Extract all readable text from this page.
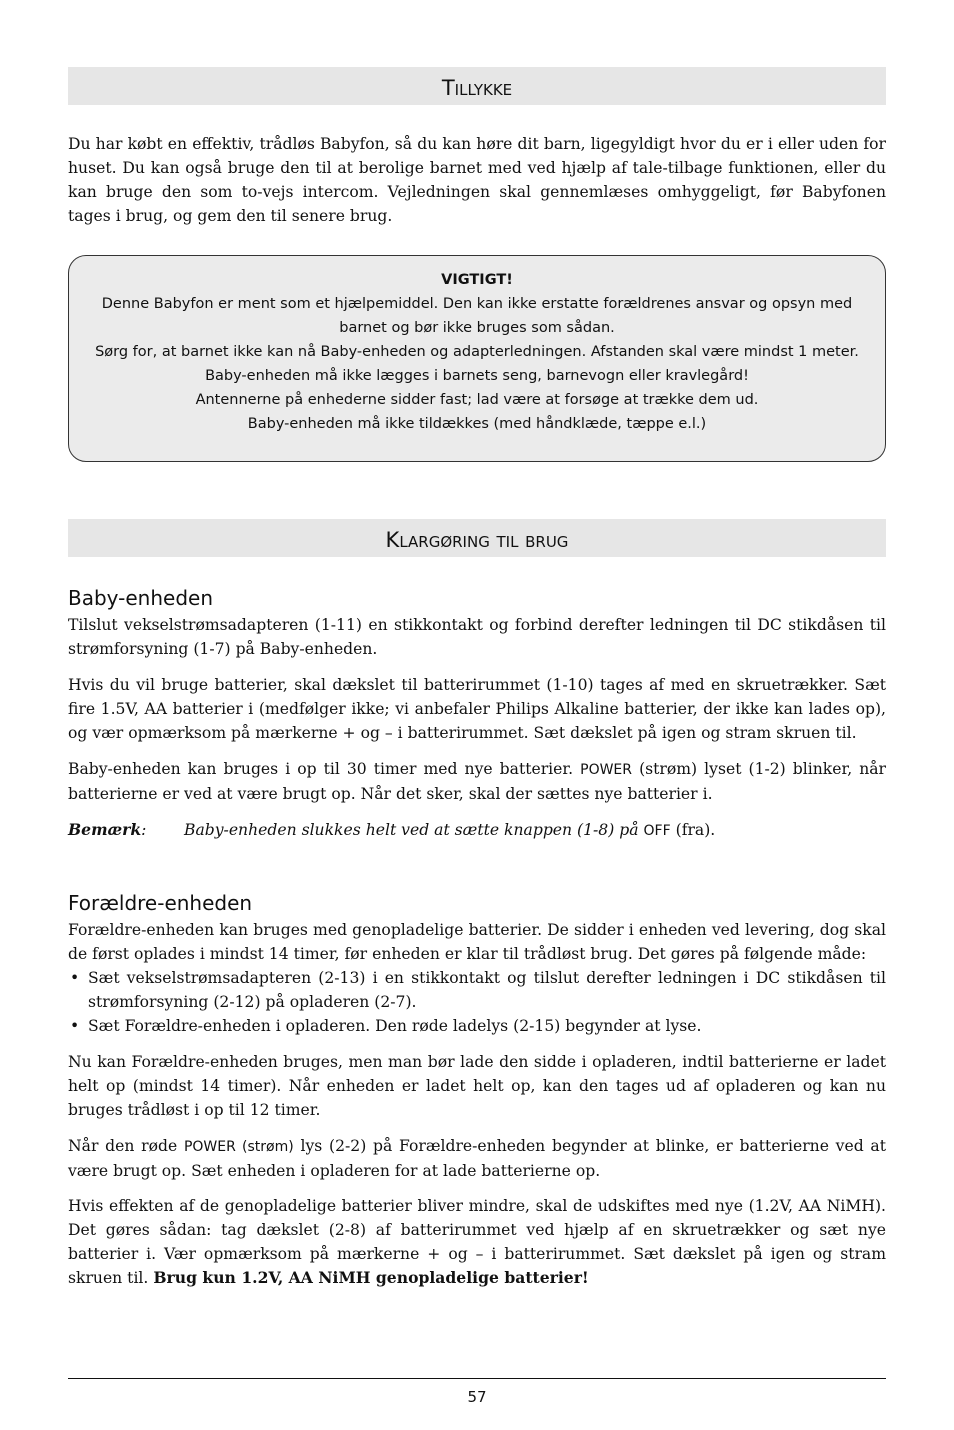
Tillykke

Du har købt en effektiv, trådløs Babyfon, så du kan høre dit barn, ligegyldigt hvor du er i eller uden for huset. Du kan også bruge den til at berolige barnet med ved hjælp af tale-tilbage funktionen, eller du kan bruge den som to-vejs intercom. Vejledningen skal gennemlæses omhyggeligt, før Babyfonen tages i brug, og gem den til senere brug.

VIGTIGT!
Denne Babyfon er ment som et hjælpemiddel. Den kan ikke erstatte forældrenes ansvar og opsyn med
barnet og bør ikke bruges som sådan.
Sørg for, at barnet ikke kan nå Baby-enheden og adapterledningen. Afstanden skal være mindst 1 meter.
Baby-enheden må ikke lægges i barnets seng, barnevogn eller kravlegård!
Antennerne på enhederne sidder fast; lad være at forsøge at trække dem ud.
Baby-enheden må ikke tildækkes (med håndklæde, tæppe e.l.)
Klargøring til brug
Baby-enheden

Tilslut vekselstrømsadapteren (1-11) en stikkontakt og forbind derefter ledningen til DC stikdåsen til strømforsyning (1-7) på Baby-enheden.

Hvis du vil bruge batterier, skal dækslet til batterirummet (1-10) tages af med en skruetrækker. Sæt fire 1.5V, AA batterier i (medfølger ikke; vi anbefaler Philips Alkaline batterier, der ikke kan lades op), og vær opmærksom på mærkerne + og – i batterirummet. Sæt dækslet på igen og stram skruen til.

Baby-enheden kan bruges i op til 30 timer med nye batterier. POWER (strøm) lyset (1-2) blinker, når batterierne er ved at være brugt op. Når det sker, skal der sættes nye batterier i.

Bemærk: Baby-enheden slukkes helt ved at sætte knappen (1-8) på OFF (fra).
Forældre-enheden

Forældre-enheden kan bruges med genopladelige batterier. De sidder i enheden ved levering, dog skal de først oplades i mindst 14 timer, før enheden er klar til trådløst brug. Det gøres på følgende måde:

• Sæt vekselstrømsadapteren (2-13) i en stikkontakt og tilslut derefter ledningen i DC stikdåsen til strømforsyning (2-12) på opladeren (2-7).
• Sæt Forældre-enheden i opladeren. Den røde ladelys (2-15) begynder at lyse.

Nu kan Forældre-enheden bruges, men man bør lade den sidde i opladeren, indtil batterierne er ladet helt op (mindst 14 timer). Når enheden er ladet helt op, kan den tages ud af opladeren og kan nu bruges trådløst i op til 12 timer.

Når den røde POWER (strøm) lys (2-2) på Forældre-enheden begynder at blinke, er batterierne ved at være brugt op. Sæt enheden i opladeren for at lade batterierne op.

Hvis effekten af de genopladelige batterier bliver mindre, skal de udskiftes med nye (1.2V, AA NiMH). Det gøres sådan: tag dækslet (2-8) af batterirummet ved hjælp af en skruetrækker og sæt nye batterier i. Vær opmærksom på mærkerne + og – i batterirummet. Sæt dækslet på igen og stram skruen til. Brug kun 1.2V, AA NiMH genopladelige batterier!

57
